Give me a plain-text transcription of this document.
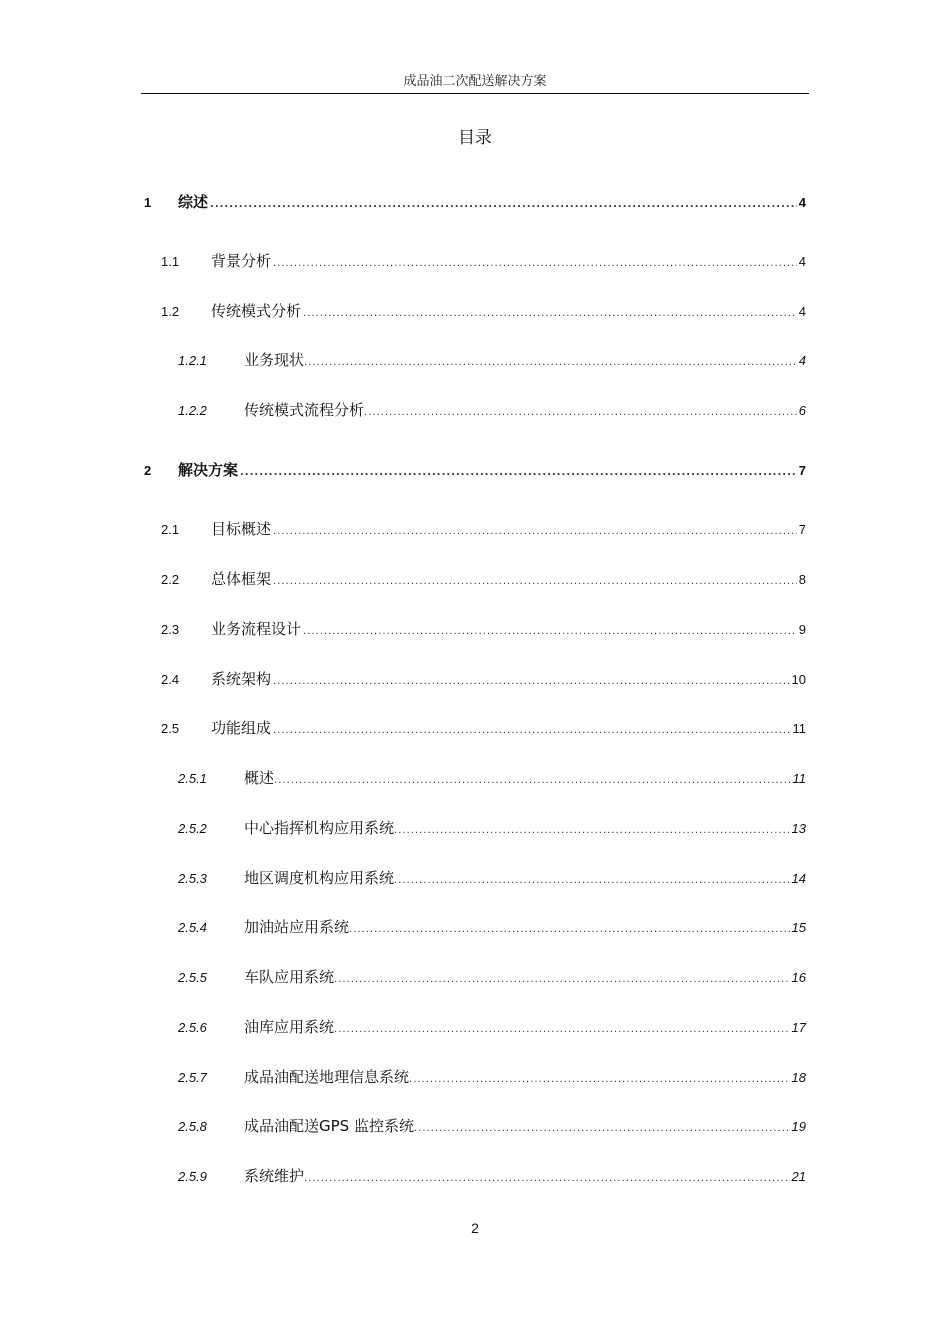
成品油二次配送解决方案
目录
1	综述 .....	4
1.1	背景分析 .....	4
1.2	传统模式分析 .....	4
1.2.1	业务现状 .....	4
1.2.2	传统模式流程分析 .....	6
2	解决方案 .....	7
2.1	目标概述 .....	7
2.2	总体框架 .....	8
2.3	业务流程设计 .....	9
2.4	系统架构 .....	10
2.5	功能组成 .....	11
2.5.1	概述 .....	11
2.5.2	中心指挥机构应用系统 .....	13
2.5.3	地区调度机构应用系统 .....	14
2.5.4	加油站应用系统 .....	15
2.5.5	车队应用系统 .....	16
2.5.6	油库应用系统 .....	17
2.5.7	成品油配送地理信息系统 .....	18
2.5.8	成品油配送GPS 监控系统 .....	19
2.5.9	系统维护 .....	21
2
